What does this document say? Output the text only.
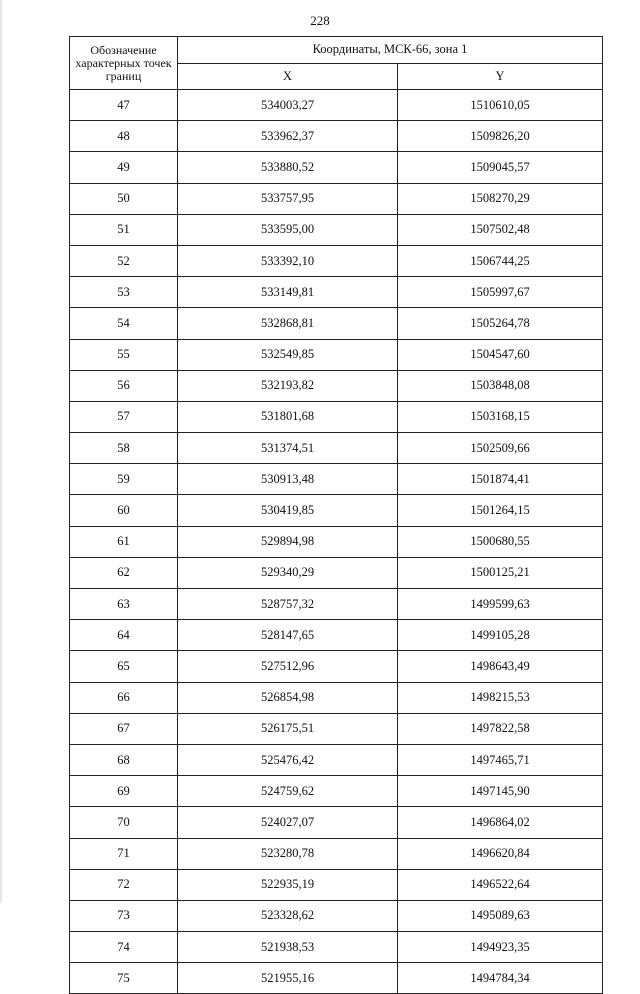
228
Обозначение характерных точек границ	Координаты, МСК-66, зона 1	
	X	Y
47	534003,27	1510610,05
48	533962,37	1509826,20
49	533880,52	1509045,57
50	533757,95	1508270,29
51	533595,00	1507502,48
52	533392,10	1506744,25
53	533149,81	1505997,67
54	532868,81	1505264,78
55	532549,85	1504547,60
56	532193,82	1503848,08
57	531801,68	1503168,15
58	531374,51	1502509,66
59	530913,48	1501874,41
60	530419,85	1501264,15
61	529894,98	1500680,55
62	529340,29	1500125,21
63	528757,32	1499599,63
64	528147,65	1499105,28
65	527512,96	1498643,49
66	526854,98	1498215,53
67	526175,51	1497822,58
68	525476,42	1497465,71
69	524759,62	1497145,90
70	524027,07	1496864,02
71	523280,78	1496620,84
72	522935,19	1496522,64
73	523328,62	1495089,63
74	521938,53	1494923,35
75	521955,16	1494784,34
